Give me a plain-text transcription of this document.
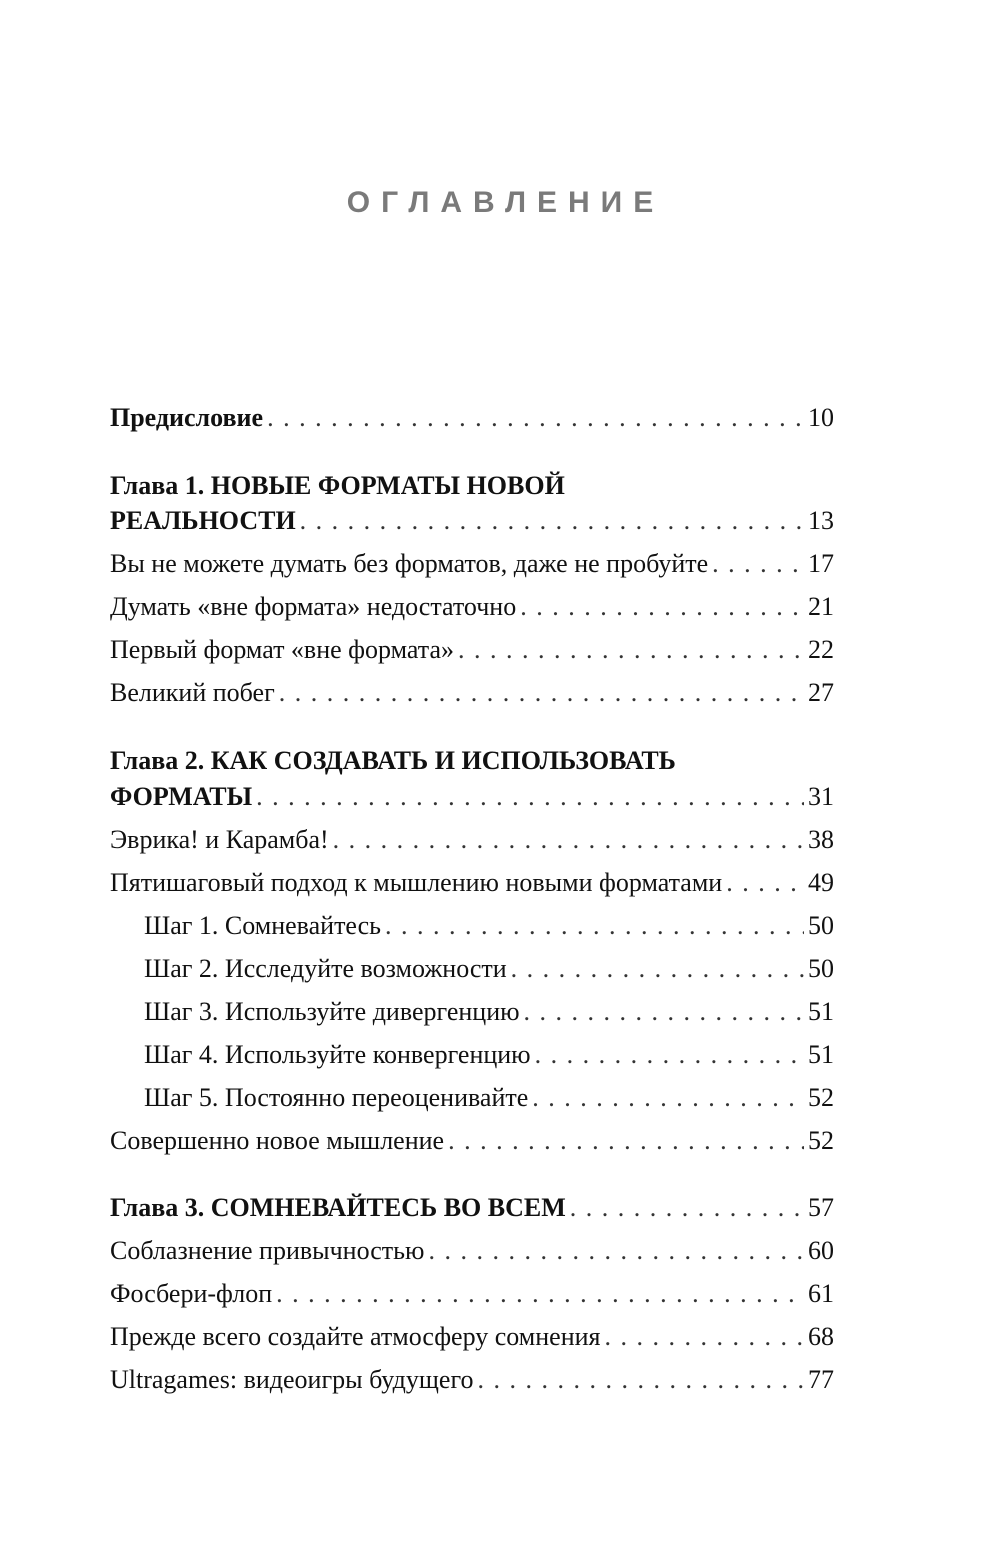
ОГЛАВЛЕНИЕ
Предисловие . . .	10
Глава 1. НОВЫЕ ФОРМАТЫ НОВОЙ
РЕАЛЬНОСТИ . . .	13
Вы не можете думать без форматов, даже не пробуйте . . .	17
Думать «вне формата» недостаточно . . .	21
Первый формат «вне формата» . . .	22
Великий побег . . .	27
Глава 2. КАК СОЗДАВАТЬ И ИСПОЛЬЗОВАТЬ
ФОРМАТЫ . . .	31
Эврика! и Карамба! . . .	38
Пятишаговый подход к мышлению новыми форматами . . .	49
Шаг 1. Сомневайтесь . . .	50
Шаг 2. Исследуйте возможности . . .	50
Шаг 3. Используйте дивергенцию . . .	51
Шаг 4. Используйте конвергенцию . . .	51
Шаг 5. Постоянно переоценивайте . . .	52
Совершенно новое мышление . . .	52
Глава 3. СОМНЕВАЙТЕСЬ ВО ВСЕМ . . .	57
Соблазнение привычностью . . .	60
Фосбери-флоп . . .	61
Прежде всего создайте атмосферу сомнения . . .	68
Ultragames: видеоигры будущего . . .	77
